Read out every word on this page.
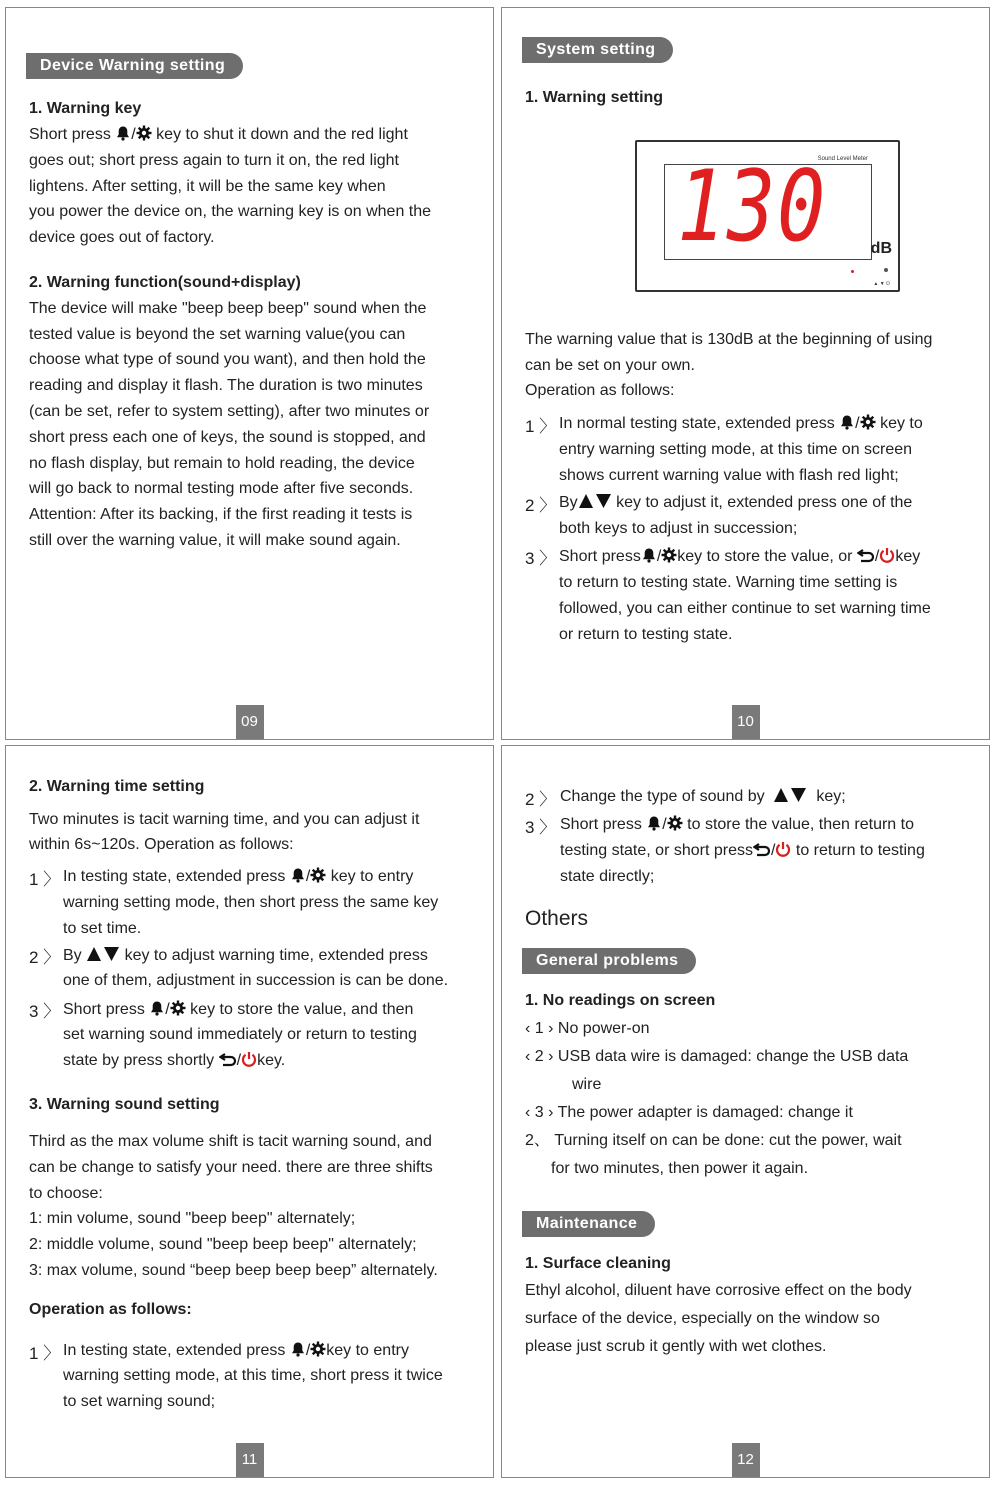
Device Warning setting
1. Warning key
Short press / key to shut it down and the red light
goes out; short press again to turn it on, the red light
lightens. After setting, it will be the same key when
you power the device on, the warning key is on when the
device goes out of factory.
2. Warning function(sound+display)
The device will make "beep beep beep" sound when the
tested value is beyond the set warning value(you can
choose what type of sound you want), and then hold the
reading and display it flash. The duration is two minutes
(can be set, refer to system setting), after two minutes or
short press each one of keys, the sound is stopped, and
no flash display, but remain to hold reading, the device
will go back to normal testing mode after five seconds.
Attention: After its backing, if the first reading it tests is
still over the warning value, it will make sound again.
09
System setting
1. Warning setting
Sound Level Meter
130	dB
▲ ▼ ⏻
The warning value that is 130dB at the beginning of using
can be set on your own.
Operation as follows:
1 〉 In normal testing state, extended press / key to
entry warning setting mode, at this time on screen
shows current warning value with flash red light;
2 〉 By key to adjust it, extended press one of the
both keys to adjust in succession;
3 〉 Short press / key to store the value, or / key
to return to testing state. Warning time setting is
followed, you can either continue to set warning time
or return to testing state.
10
2. Warning time setting
Two minutes is tacit warning time, and you can adjust it
within 6s~120s. Operation as follows:
1 〉 In testing state, extended press / key to entry
warning setting mode, then short press the same key
to set time.
2 〉 By	key to adjust warning time, extended press
one of them, adjustment in succession is can be done.
3 〉 Short press / key to store the value, and then
set warning sound immediately or return to testing
state by press shortly / key.
3. Warning sound setting
Third as the max volume shift is tacit warning sound, and
can be change to satisfy your need. there are three shifts
to choose:
1: min volume, sound "beep beep" alternately;
2: middle volume, sound "beep beep beep" alternately;
3: max volume, sound “beep beep beep beep” alternately.
Operation as follows:
1 〉 In testing state, extended press / key to entry
warning setting mode, at this time, short press it twice
to set warning sound;
11
2 〉 Change the type of sound by	key;
3 〉 Short press / to store the value, then return to
testing state, or short press / to return to testing
state directly;
Others
General problems
1. No readings on screen
‹ 1 › No power-on
‹ 2 › USB data wire is damaged: change the USB data
wire
‹ 3 › The power adapter is damaged: change it
2、 Turning itself on can be done: cut the power, wait
for two minutes, then power it again.
Maintenance
1. Surface cleaning
Ethyl alcohol, diluent have corrosive effect on the body
surface of the device, especially on the window so
please just scrub it gently with wet clothes.
12
